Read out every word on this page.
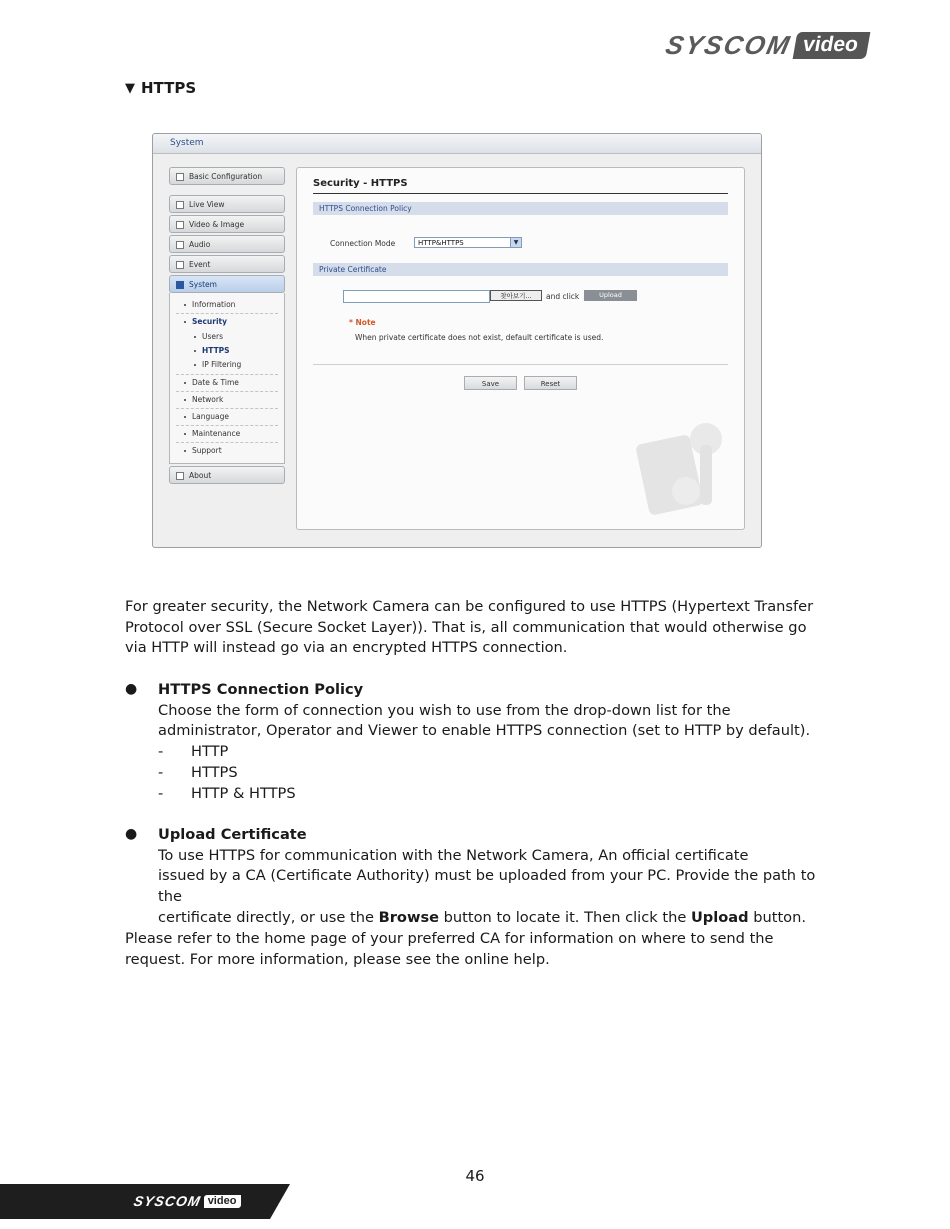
SYSCOM video
▼ HTTPS
System
Basic Configuration
Live View
Video & Image
Audio
Event
System
Information
Security
Users
HTTPS
IP Filtering
Date & Time
Network
Language
Maintenance
Support
About
Security - HTTPS
HTTPS Connection Policy
Connection Mode	HTTP&HTTPS	▼
Private Certificate
찾아보기...	and click	Upload
* Note
When private certificate does not exist, default certificate is used.
Save	Reset
For greater security, the Network Camera can be configured to use HTTPS (Hypertext Transfer Protocol over SSL (Secure Socket Layer)). That is, all communication that would otherwise go via HTTP will instead go via an encrypted HTTPS connection.
● HTTPS Connection Policy
Choose the form of connection you wish to use from the drop-down list for the administrator, Operator and Viewer to enable HTTPS connection (set to HTTP by default).
-	HTTP
-	HTTPS
-	HTTP & HTTPS
● Upload Certificate
To use HTTPS for communication with the Network Camera, An official certificate
issued by a CA (Certificate Authority) must be uploaded from your PC. Provide the path to the
certificate directly, or use the Browse button to locate it. Then click the Upload button.
Please refer to the home page of your preferred CA for information on where to send the request. For more information, please see the online help.
46
SYSCOM video
